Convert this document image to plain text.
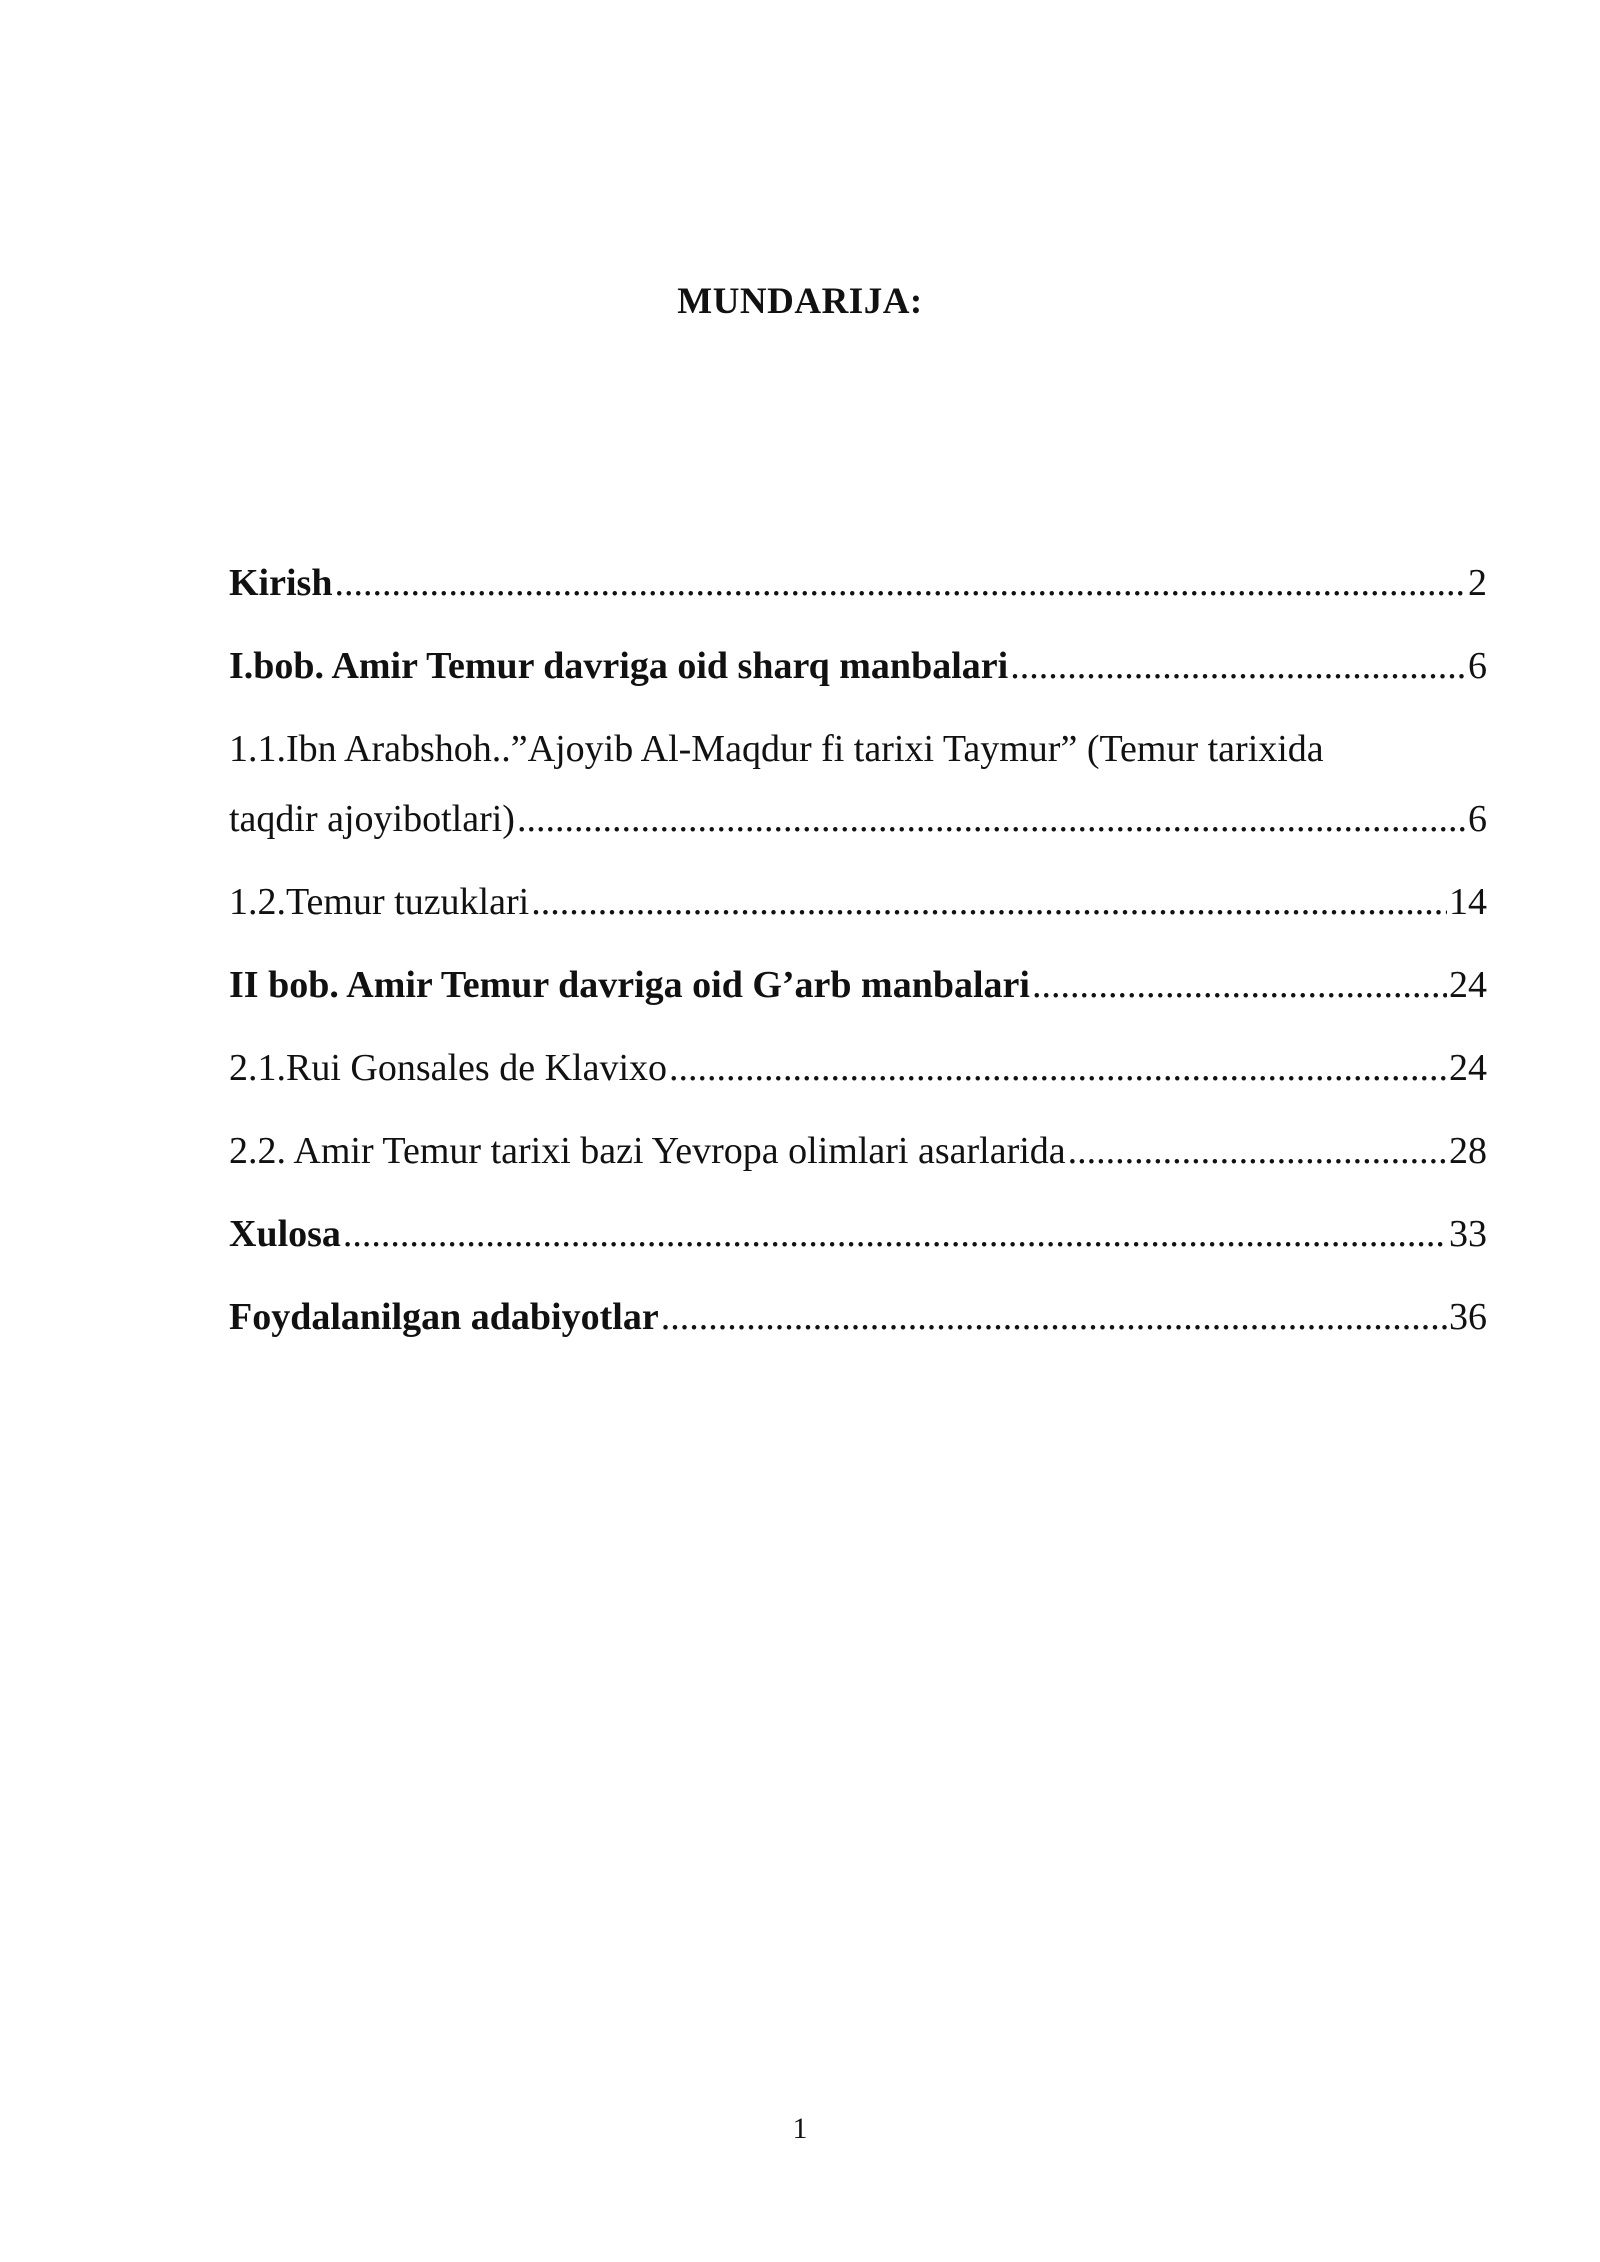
MUNDARIJA:
Kirish .....	2
I.bob. Amir Temur davriga oid sharq manbalari .....	6
1.1.Ibn Arabshoh..”Ajoyib Al-Maqdur fi tarixi Taymur” (Temur tarixida
taqdir ajoyibotlari) .....	6
1.2.Temur tuzuklari .....	14
II bob. Amir Temur davriga oid G’arb manbalari .....	24
2.1.Rui Gonsales de Klavixo .....	24
2.2. Amir Temur tarixi bazi Yevropa olimlari asarlarida .....	28
Xulosa .....	33
Foydalanilgan adabiyotlar .....	36
1
